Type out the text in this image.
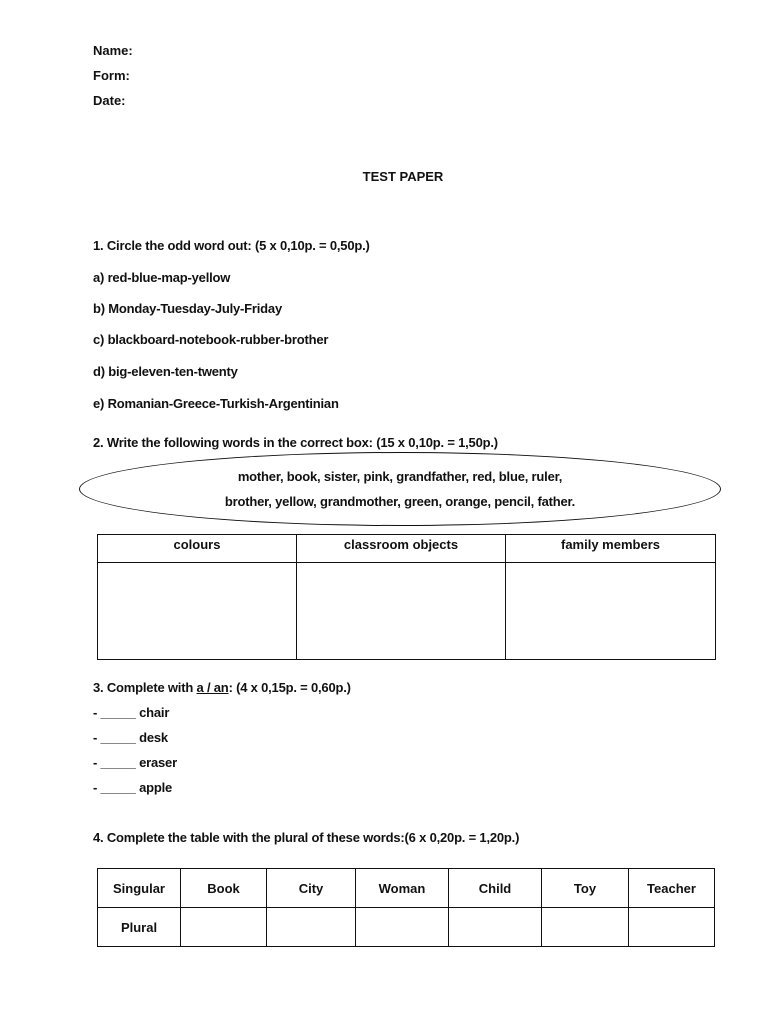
Name:
Form:
Date:
TEST PAPER
1. Circle the odd word out: (5 x 0,10p. = 0,50p.)
a) red-blue-map-yellow
b) Monday-Tuesday-July-Friday
c) blackboard-notebook-rubber-brother
d) big-eleven-ten-twenty
e) Romanian-Greece-Turkish-Argentinian
2. Write the following words in the correct box: (15 x 0,10p. = 1,50p.)
mother, book, sister, pink, grandfather, red, blue, ruler,
brother, yellow, grandmother, green, orange, pencil, father.
colours	classroom objects	family members

3. Complete with a / an: (4 x 0,15p. = 0,60p.)
- _____ chair
- _____ desk
- _____ eraser
- _____ apple
4. Complete the table with the plural of these words:(6 x 0,20p. = 1,20p.)
Singular	Book	City	Woman	Child	Toy	Teacher
Plural						
